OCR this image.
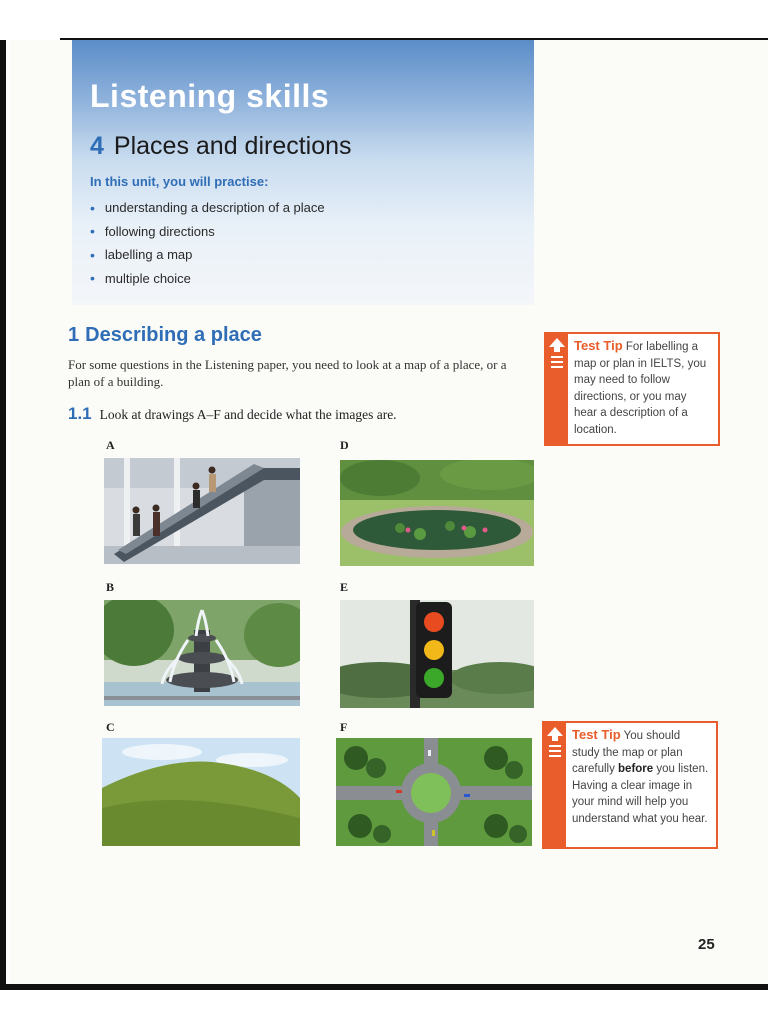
Listening skills
4 Places and directions
In this unit, you will practise:
• understanding a description of a place
• following directions
• labelling a map
• multiple choice
1 Describing a place
For some questions in the Listening paper, you need to look at a map of a place, or a plan of a building.
1.1 Look at drawings A–F and decide what the images are.
A	D
B	E
C	F
Test Tip For labelling a map or plan in IELTS, you may need to follow directions, or you may hear a description of a location.
Test Tip You should study the map or plan carefully before you listen. Having a clear image in your mind will help you understand what you hear.
25
